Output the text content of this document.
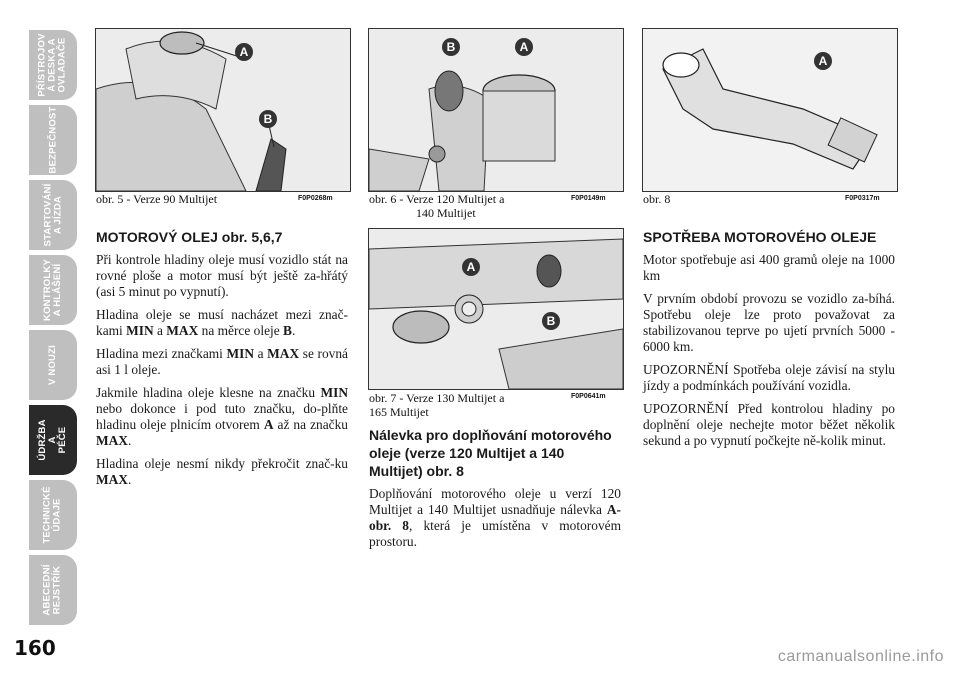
PŘÍSTROJOV
Á DESKA A
OVLADAČE
BEZPEČNOST
STARTOVÁNÍ
A JÍZDA
KONTROLKY
A HLÁŠENÍ
V NOUZI
ÚDRŽBA A
PÉČE
TECHNICKÉ
ÚDAJE
ABECEDNÍ
REJSTŘÍK
160
A
B
obr. 5 - Verze 90 Multijet	F0P0268m
B	A
obr. 6 - Verze 120 Multijet a
140 Multijet
F0P0149m
A
B
obr. 7 - Verze 130 Multijet a
165 Multijet
F0P0641m
A
obr. 8	F0P0317m
MOTOROVÝ OLEJ obr. 5,6,7

Při kontrole hladiny oleje musí vozidlo stát na rovné ploše a motor musí být ještě za-hřátý (asi 5 minut po vypnutí).

Hladina oleje se musí nacházet mezi znač-kami MIN a MAX na měrce oleje B.

Hladina mezi značkami MIN a MAX se rovná asi 1 l oleje.

Jakmile hladina oleje klesne na značku MIN nebo dokonce i pod tuto značku, do-plňte hladinu oleje plnicím otvorem A až na značku MAX.

Hladina oleje nesmí nikdy překročit znač-ku MAX.

Nálevka pro doplňování motorového oleje (verze 120 Multijet a 140 Multijet) obr. 8

Doplňování motorového oleje u verzí 120 Multijet a 140 Multijet usnadňuje nálevka A-obr. 8, která je umístěna v motorovém prostoru.

SPOTŘEBA MOTOROVÉHO OLEJE

Motor spotřebuje asi 400 gramů oleje na 1000 km

V prvním období provozu se vozidlo za-bíhá. Spotřebu oleje lze proto považovat za stabilizovanou teprve po ujetí prvních 5000 - 6000 km.

UPOZORNĚNÍ Spotřeba oleje závisí na stylu jízdy a podmínkách používání vozidla.

UPOZORNĚNÍ Před kontrolou hladiny po doplnění oleje nechejte motor běžet několik sekund a po vypnutí počkejte ně-kolik minut.

carmanualsonline.info
